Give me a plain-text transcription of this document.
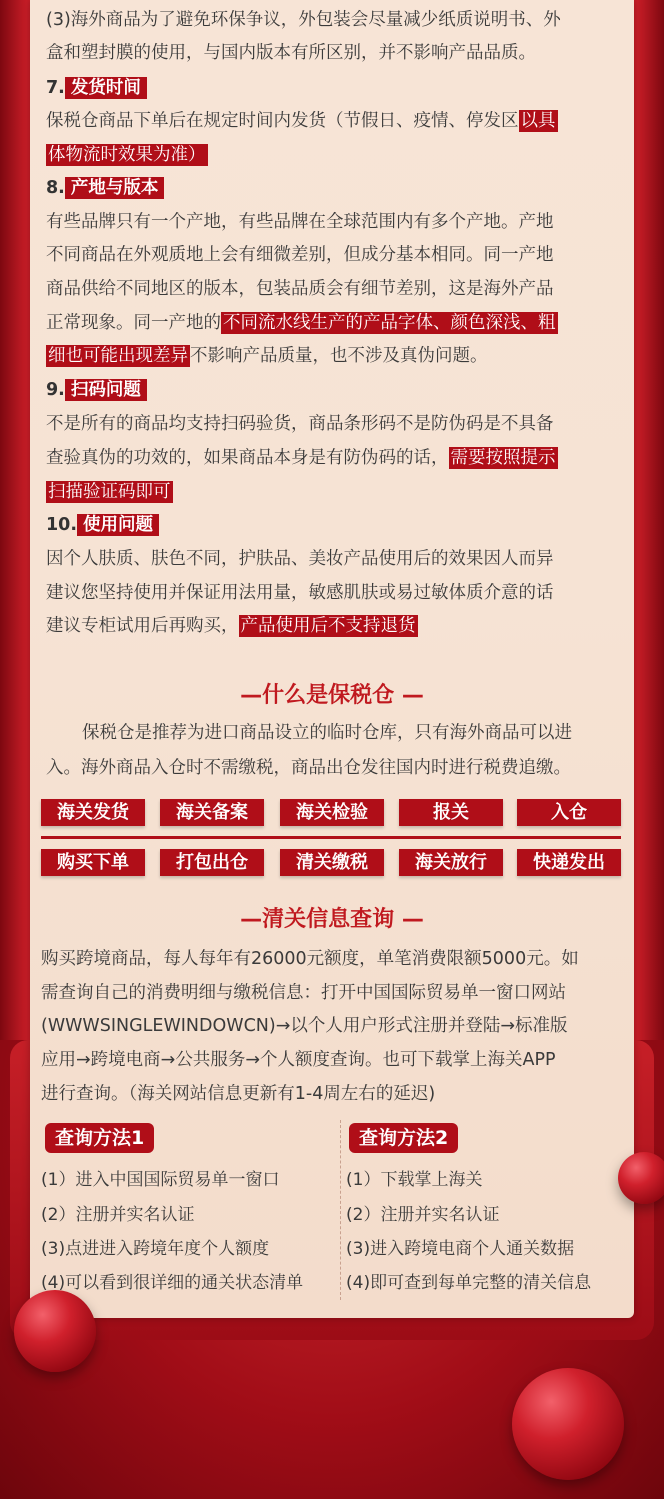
(3)海外商品为了避免环保争议，外包装会尽量减少纸质说明书、外
盒和塑封膜的使用，与国内版本有所区别，并不影响产品品质。
7. 发货时间
保税仓商品下单后在规定时间内发货（节假日、疫情、停发区 以具
体物流时效果为准）
8. 产地与版本
有些品牌只有一个产地，有些品牌在全球范围内有多个产地。产地
不同商品在外观质地上会有细微差别，但成分基本相同。同一产地
商品供给不同地区的版本，包装品质会有细节差别，这是海外产品
正常现象。同一产地的 不同流水线生产的产品字体、颜色深浅、粗
细也可能出现差异 不影响产品质量，也不涉及真伪问题。
9. 扫码问题
不是所有的商品均支持扫码验货，商品条形码不是防伪码是不具备
查验真伪的功效的，如果商品本身是有防伪码的话， 需要按照提示
扫描验证码即可
10. 使用问题
因个人肤质、肤色不同，护肤品、美妆产品使用后的效果因人而异
建议您坚持使用并保证用法用量，敏感肌肤或易过敏体质介意的话
建议专柜试用后再购买， 产品使用后不支持退货
—什么是保税仓 —
保税仓是推荐为进口商品设立的临时仓库，只有海外商品可以进
入。海外商品入仓时不需缴税，商品出仓发往国内时进行税费追缴。
海关发货	海关备案	海关检验	报关	入仓
购买下单	打包出仓	清关缴税	海关放行	快递发出
—清关信息查询 —
购买跨境商品，每人每年有26000元额度，单笔消费限额5000元。如
需查询自己的消费明细与缴税信息：打开中国国际贸易单一窗口网站
(WWWSINGLEWINDOWCN)→以个人用户形式注册并登陆→标准版
应用→跨境电商→公共服务→个人额度查询。也可下载掌上海关APP
进行查询。（海关网站信息更新有1-4周左右的延迟)
查询方法1	查询方法2
(1）进入中国国际贸易单一窗口
(2）注册并实名认证
(3)点进进入跨境年度个人额度
(4)可以看到很详细的通关状态清单
(1）下载掌上海关
(2）注册并实名认证
(3)进入跨境电商个人通关数据
(4)即可查到每单完整的清关信息
